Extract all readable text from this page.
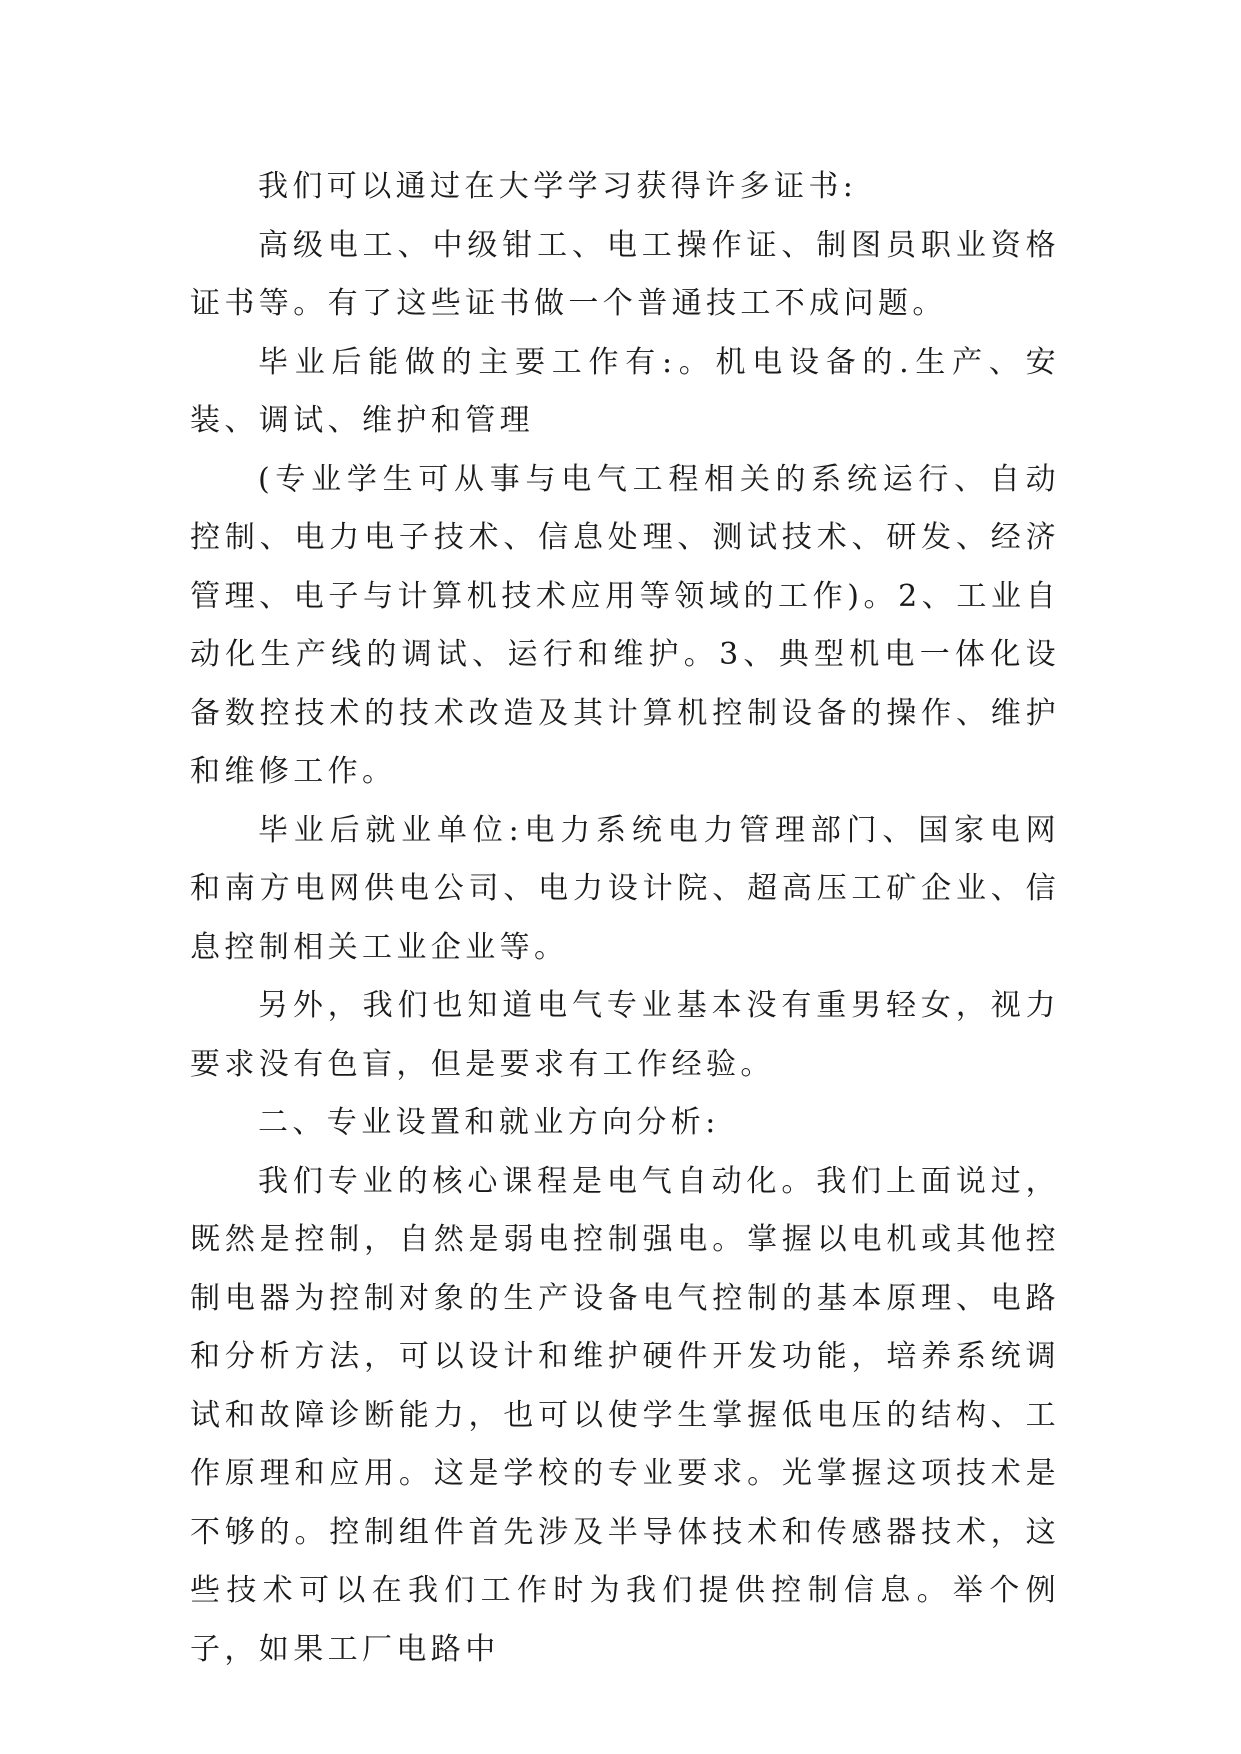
我们可以通过在大学学习获得许多证书:

高级电工、中级钳工、电工操作证、制图员职业资格证书等。有了这些证书做一个普通技工不成问题。

毕业后能做的主要工作有:。机电设备的.生产、安装、调试、维护和管理

(专业学生可从事与电气工程相关的系统运行、自动控制、电力电子技术、信息处理、测试技术、研发、经济管理、电子与计算机技术应用等领域的工作)。2、工业自动化生产线的调试、运行和维护。3、典型机电一体化设备数控技术的技术改造及其计算机控制设备的操作、维护和维修工作。

毕业后就业单位:电力系统电力管理部门、国家电网和南方电网供电公司、电力设计院、超高压工矿企业、信息控制相关工业企业等。

另外，我们也知道电气专业基本没有重男轻女，视力要求没有色盲，但是要求有工作经验。

二、专业设置和就业方向分析:

我们专业的核心课程是电气自动化。我们上面说过，既然是控制，自然是弱电控制强电。掌握以电机或其他控制电器为控制对象的生产设备电气控制的基本原理、电路和分析方法，可以设计和维护硬件开发功能，培养系统调试和故障诊断能力，也可以使学生掌握低电压的结构、工作原理和应用。这是学校的专业要求。光掌握这项技术是不够的。控制组件首先涉及半导体技术和传感器技术，这些技术可以在我们工作时为我们提供控制信息。举个例子，如果工厂电路中
